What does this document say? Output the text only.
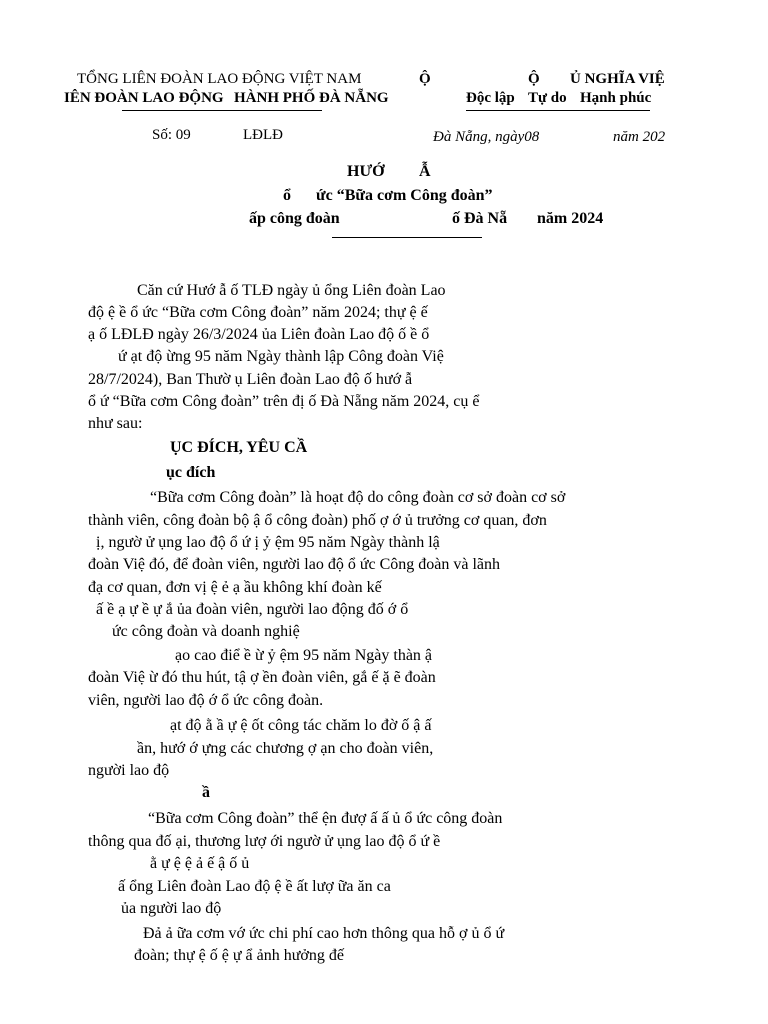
TỔNG LIÊN ĐOÀN LAO ĐỘNG VIỆT NAM
IÊN ĐOÀN LAO ĐỘNG HÀNH PHỐ ĐÀ NẴNG
Ộ	Ộ Ủ NGHĨA VIỆ
Độc lập Tự do Hạnh phúc
Số: 09	LĐLĐ	Đà Nẵng, ngày08	năm 202
HƯỚ Ẫ
ổ ức “Bữa cơm Công đoàn”
ấp công đoàn	ố Đà Nẵ năm 2024
Căn cứ Hướ ẫ ố TLĐ ngày ủ ổng Liên đoàn Lao
độ ệ ề ổ ức “Bữa cơm Công đoàn” năm 2024; thự ệ ế
ạ ố LĐLĐ ngày 26/3/2024 ủa Liên đoàn Lao độ ố ề ổ
ứ ạt độ ừng 95 năm Ngày thành lập Công đoàn Việ
28/7/2024), Ban Thườ ụ Liên đoàn Lao độ ố hướ ẫ
ổ ứ “Bữa cơm Công đoàn” trên đị ố Đà Nẵng năm 2024, cụ ể
như sau:
ỤC ĐÍCH, YÊU CẦ
ục đích
“Bữa cơm Công đoàn” là hoạt độ do công đoàn cơ sở đoàn cơ sở
thành viên, công đoàn bộ ậ ổ công đoàn) phố ợ ớ ủ trưởng cơ quan, đơn
ị, ngườ ử ụng lao độ ổ ứ ị ỷ ệm 95 năm Ngày thành lậ
đoàn Việ đó, để đoàn viên, người lao độ ổ ức Công đoàn và lãnh
đạ cơ quan, đơn vị ệ ẻ ạ ầu không khí đoàn kế
ấ ề ạ ự ề ự ắ ủa đoàn viên, người lao động đố ớ ổ
ức công đoàn và doanh nghiệ
ạo cao điể ề ừ ỷ ệm 95 năm Ngày thàn ậ
đoàn Việ ừ đó thu hút, tậ ợ ền đoàn viên, gắ ế ặ ẽ đoàn
viên, người lao độ ớ ổ ức công đoàn.
ạt độ ằ ầ ự ệ ốt công tác chăm lo đờ ố ậ ấ
ần, hướ ớ ựng các chương ợ ạn cho đoàn viên,
người lao độ
ầ
“Bữa cơm Công đoàn” thể ện đượ ấ ấ ủ ổ ức công đoàn
thông qua đố ại, thương lượ ới ngườ ử ụng lao độ ổ ứ ề
ằ ự ệ ệ ả ế ậ ố ủ
ấ ổng Liên đoàn Lao độ ệ ề ất lượ ữa ăn ca
ủa người lao độ
Đả ả ữa cơm vớ ức chi phí cao hơn thông qua hỗ ợ ủ ổ ứ
đoàn; thự ệ ố ệ ự ẩ ảnh hưởng đế
